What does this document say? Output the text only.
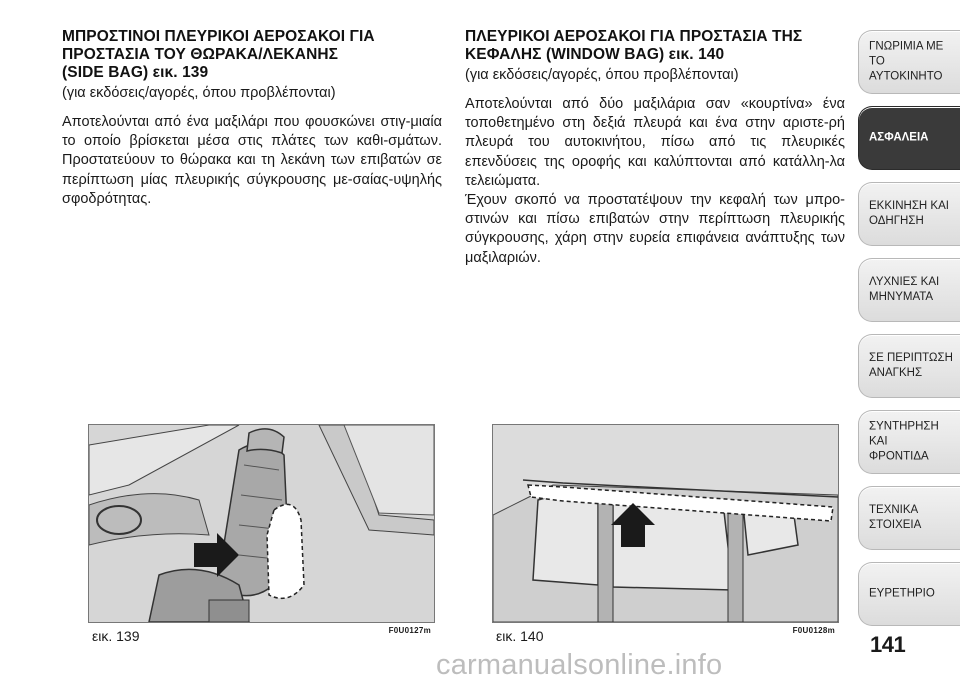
ΜΠΡΟΣΤΙΝΟΙ ΠΛΕΥΡΙΚΟΙ ΑΕΡΟΣΑΚΟΙ ΓΙΑ
ΠΡΟΣΤΑΣΙΑ ΤΟΥ ΘΩΡΑΚΑ/ΛΕΚΑΝΗΣ
(SIDE BAG) εικ. 139

(για εκδόσεις/αγορές, όπου προβλέπονται)

Αποτελούνται από ένα μαξιλάρι που φουσκώνει στιγ-μιαία το οποίο βρίσκεται μέσα στις πλάτες των καθι-σμάτων. Προστατεύουν το θώρακα και τη λεκάνη των επιβατών σε περίπτωση μίας πλευρικής σύγκρουσης με-σαίας-υψηλής σφοδρότητας.

ΠΛΕΥΡΙΚΟΙ ΑΕΡΟΣΑΚΟΙ ΓΙΑ ΠΡΟΣΤΑΣΙΑ ΤΗΣ
ΚΕΦΑΛΗΣ (WINDOW BAG) εικ. 140

(για εκδόσεις/αγορές, όπου προβλέπονται)

Αποτελούνται από δύο μαξιλάρια σαν «κουρτίνα» ένα τοποθετημένο στη δεξιά πλευρά και ένα στην αριστε-ρή πλευρά του αυτοκινήτου, πίσω από τις πλευρικές επενδύσεις της οροφής και καλύπτονται από κατάλλη-λα τελειώματα.

Έχουν σκοπό να προστατέψουν την κεφαλή των μπρο-στινών και πίσω επιβατών στην περίπτωση πλευρικής σύγκρουσης, χάρη στην ευρεία επιφάνεια ανάπτυξης των μαξιλαριών.

εικ. 139	F0U0127m	εικ. 140	F0U0128m
ΓΝΩΡΙΜΙΑ ΜΕ ΤΟ
ΑΥΤΟΚΙΝΗΤΟ
ΑΣΦΑΛΕΙΑ
ΕΚΚΙΝΗΣΗ ΚΑΙ
ΟΔΗΓΗΣΗ
ΛΥΧΝΙΕΣ ΚΑΙ
ΜΗΝΥΜΑΤΑ
ΣΕ ΠΕΡΙΠΤΩΣΗ
ΑΝΑΓΚΗΣ
ΣΥΝΤΗΡΗΣΗ ΚΑΙ
ΦΡΟΝΤΙΔΑ
ΤΕΧΝΙΚΑ ΣΤΟΙΧΕΙΑ
ΕΥΡΕΤΗΡΙΟ
141
carmanualsonline.info
